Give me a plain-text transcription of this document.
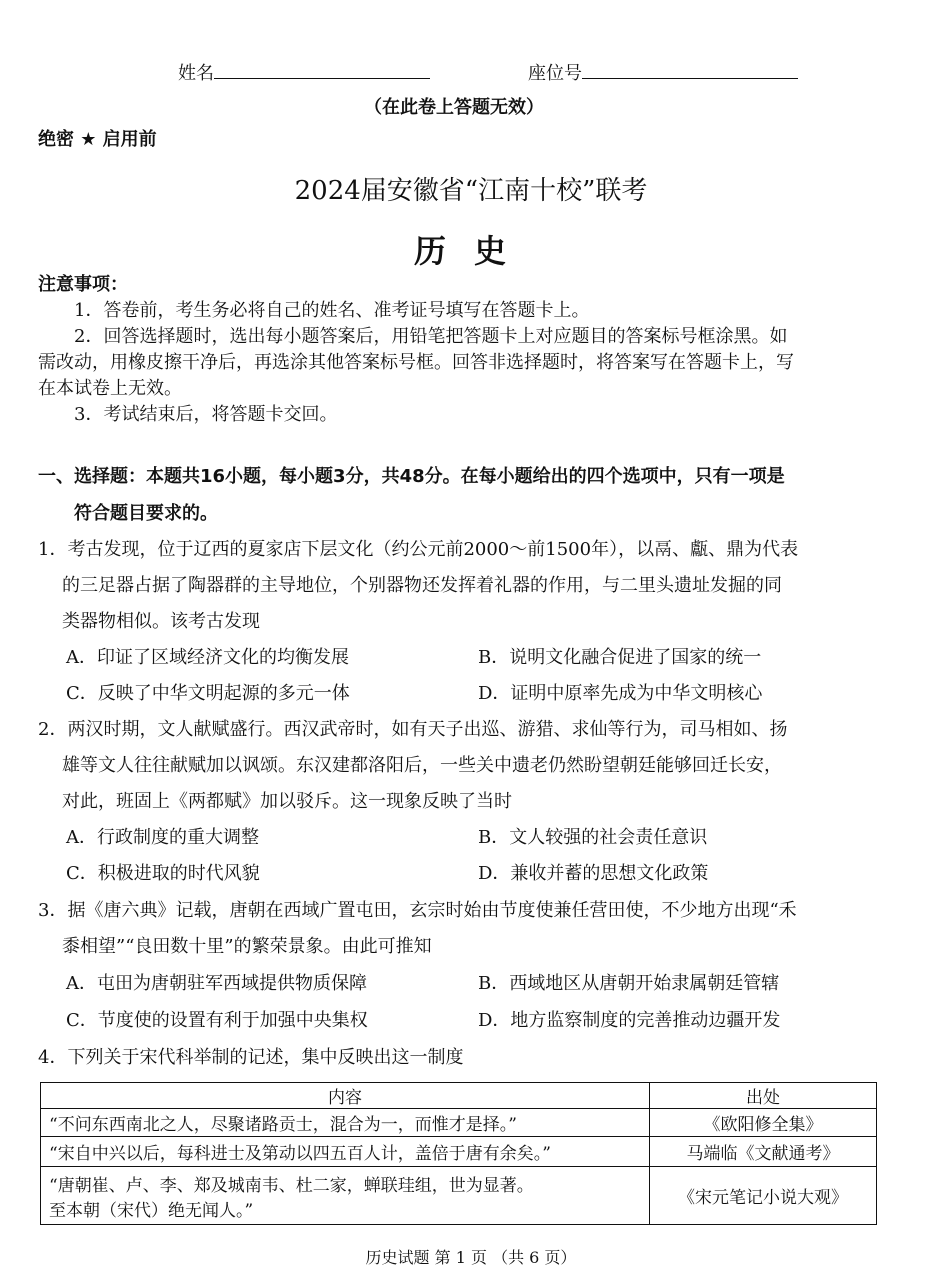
姓名	座位号
（在此卷上答题无效）
绝密 ★ 启用前
2024届安徽省“江南十校”联考
历史
注意事项：
1．答卷前，考生务必将自己的姓名、准考证号填写在答题卡上。
2．回答选择题时，选出每小题答案后，用铅笔把答题卡上对应题目的答案标号框涂黑。如
需改动，用橡皮擦干净后，再选涂其他答案标号框。回答非选择题时，将答案写在答题卡上，写
在本试卷上无效。
3．考试结束后，将答题卡交回。
一、选择题：本题共16小题，每小题3分，共48分。在每小题给出的四个选项中，只有一项是
符合题目要求的。
1．考古发现，位于辽西的夏家店下层文化（约公元前2000～前1500年），以鬲、甗、鼎为代表
的三足器占据了陶器群的主导地位，个别器物还发挥着礼器的作用，与二里头遗址发掘的同
类器物相似。该考古发现
A．印证了区域经济文化的均衡发展	B．说明文化融合促进了国家的统一
C．反映了中华文明起源的多元一体	D．证明中原率先成为中华文明核心
2．两汉时期，文人献赋盛行。西汉武帝时，如有天子出巡、游猎、求仙等行为，司马相如、扬
雄等文人往往献赋加以讽颂。东汉建都洛阳后，一些关中遗老仍然盼望朝廷能够回迁长安，
对此，班固上《两都赋》加以驳斥。这一现象反映了当时
A．行政制度的重大调整	B．文人较强的社会责任意识
C．积极进取的时代风貌	D．兼收并蓄的思想文化政策
3．据《唐六典》记载，唐朝在西域广置屯田，玄宗时始由节度使兼任营田使，不少地方出现“禾
黍相望”“良田数十里”的繁荣景象。由此可推知
A．屯田为唐朝驻军西域提供物质保障	B．西域地区从唐朝开始隶属朝廷管辖
C．节度使的设置有利于加强中央集权	D．地方监察制度的完善推动边疆开发
4．下列关于宋代科举制的记述，集中反映出这一制度
内容	出处
“不问东西南北之人，尽聚诸路贡士，混合为一，而惟才是择。”	《欧阳修全集》
“宋自中兴以后，每科进士及第动以四五百人计，盖倍于唐有余矣。”	马端临《文献通考》

“唐朝崔、卢、李、郑及城南韦、杜二家，蝉联珪组，世为显著。
至本朝（宋代）绝无闻人。”	《宋元笔记小说大观》
历史试题 第 1 页 （共 6 页）
